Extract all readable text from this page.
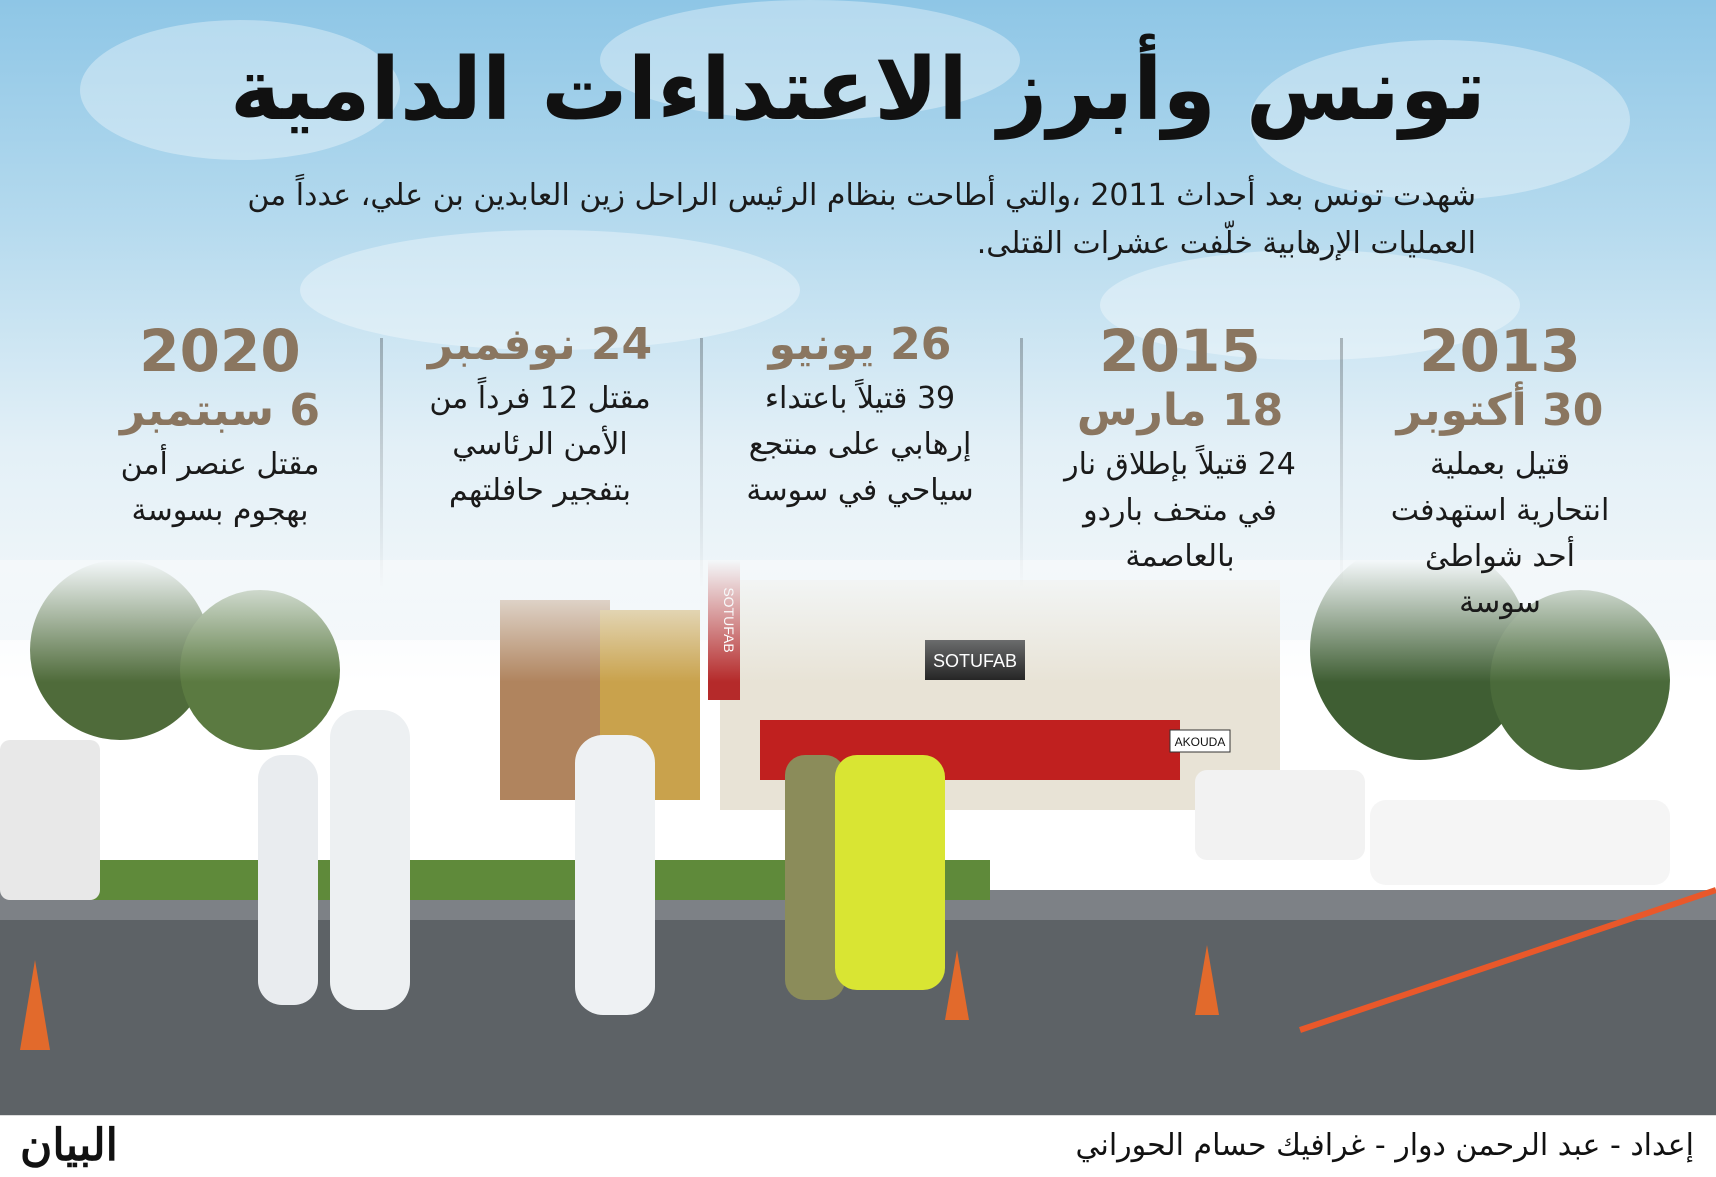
تونس وأبرز الاعتداءات الدامية

شهدت تونس بعد أحداث 2011 ،والتي أطاحت بنظام الرئيس الراحل زين العابدين بن علي، عدداً من العمليات الإرهابية خلّفت عشرات القتلى.

2013
30 أكتوبر
قتيل بعملية انتحارية استهدفت أحد شواطئ سوسة
2015
18 مارس
24 قتيلاً بإطلاق نار في متحف باردو بالعاصمة
26 يونيو
39 قتيلاً باعتداء إرهابي على منتجع سياحي في سوسة
24 نوفمبر
مقتل 12 فرداً من الأمن الرئاسي بتفجير حافلتهم
2020
6 سبتمبر
مقتل عنصر أمن بهجوم بسوسة
البيان	إعداد - عبد الرحمن دوار - غرافيك حسام الحوراني
